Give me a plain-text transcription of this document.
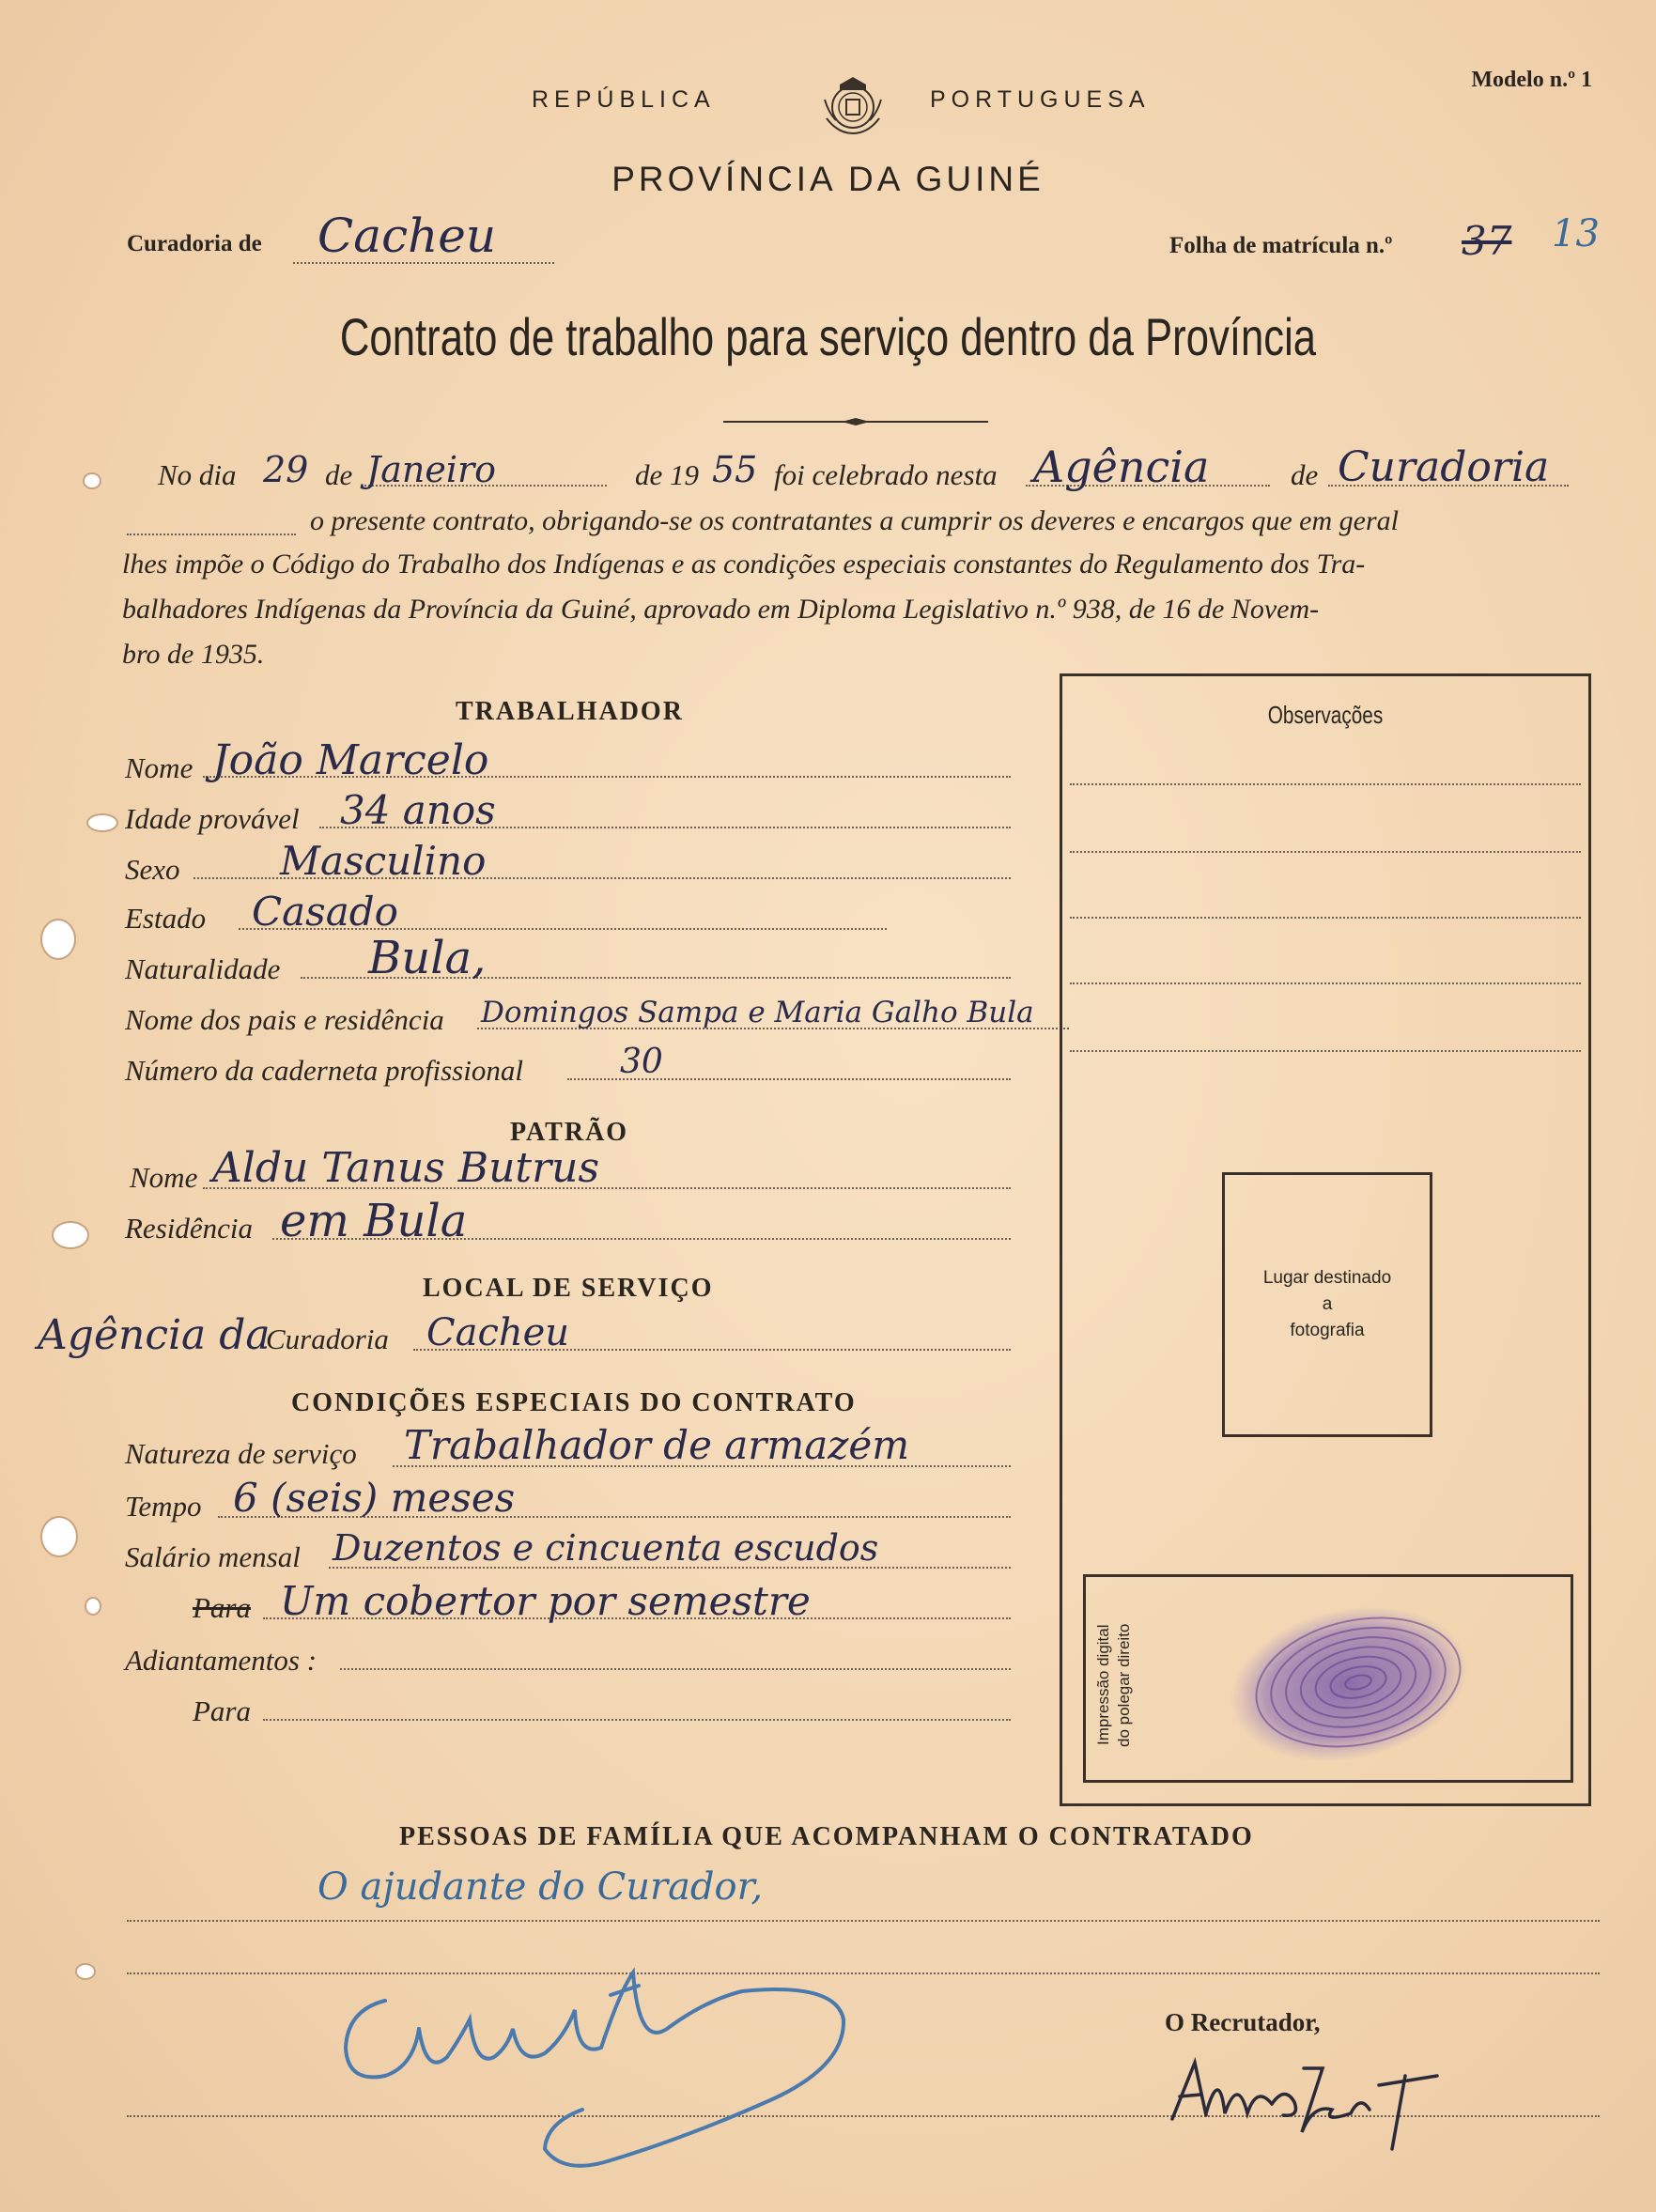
Modelo n.º 1
REPÚBLICA	PORTUGUESA
PROVÍNCIA DA GUINÉ
Curadoria de Cacheu	Folha de matrícula n.º 37 13
Contrato de trabalho para serviço dentro da Província
No dia 29 de Janeiro	de 19 55 foi celebrado nesta Agência	de Curadoria
o presente contrato, obrigando-se os contratantes a cumprir os deveres e encargos que em geral
lhes impõe o Código do Trabalho dos Indígenas e as condições especiais constantes do Regulamento dos Tra-
balhadores Indígenas da Província da Guiné, aprovado em Diploma Legislativo n.º 938, de 16 de Novem-
bro de 1935.
TRABALHADOR
Nome João Marcelo
Idade provável 34 anos
Sexo	Masculino
Estado Casado
Naturalidade Bula,
Nome dos pais e residência Domingos Sampa e Maria Galho Bula
Número da caderneta profissional	30
PATRÃO
Nome Aldu Tanus Butrus
Residência em Bula
LOCAL DE SERVIÇO
Agência da
Curadoria Cacheu
CONDIÇÕES ESPECIAIS DO CONTRATO
Natureza de serviço Trabalhador de armazém
Tempo 6 (seis) meses
Salário mensal Duzentos e cincuenta escudos
Para Um cobertor por semestre
Adiantamentos :
Para
Observações
Lugar destinado
a
fotografia
Impressão digital do polegar direito
PESSOAS DE FAMÍLIA QUE ACOMPANHAM O CONTRATADO
O ajudante do Curador,
O Recrutador,
